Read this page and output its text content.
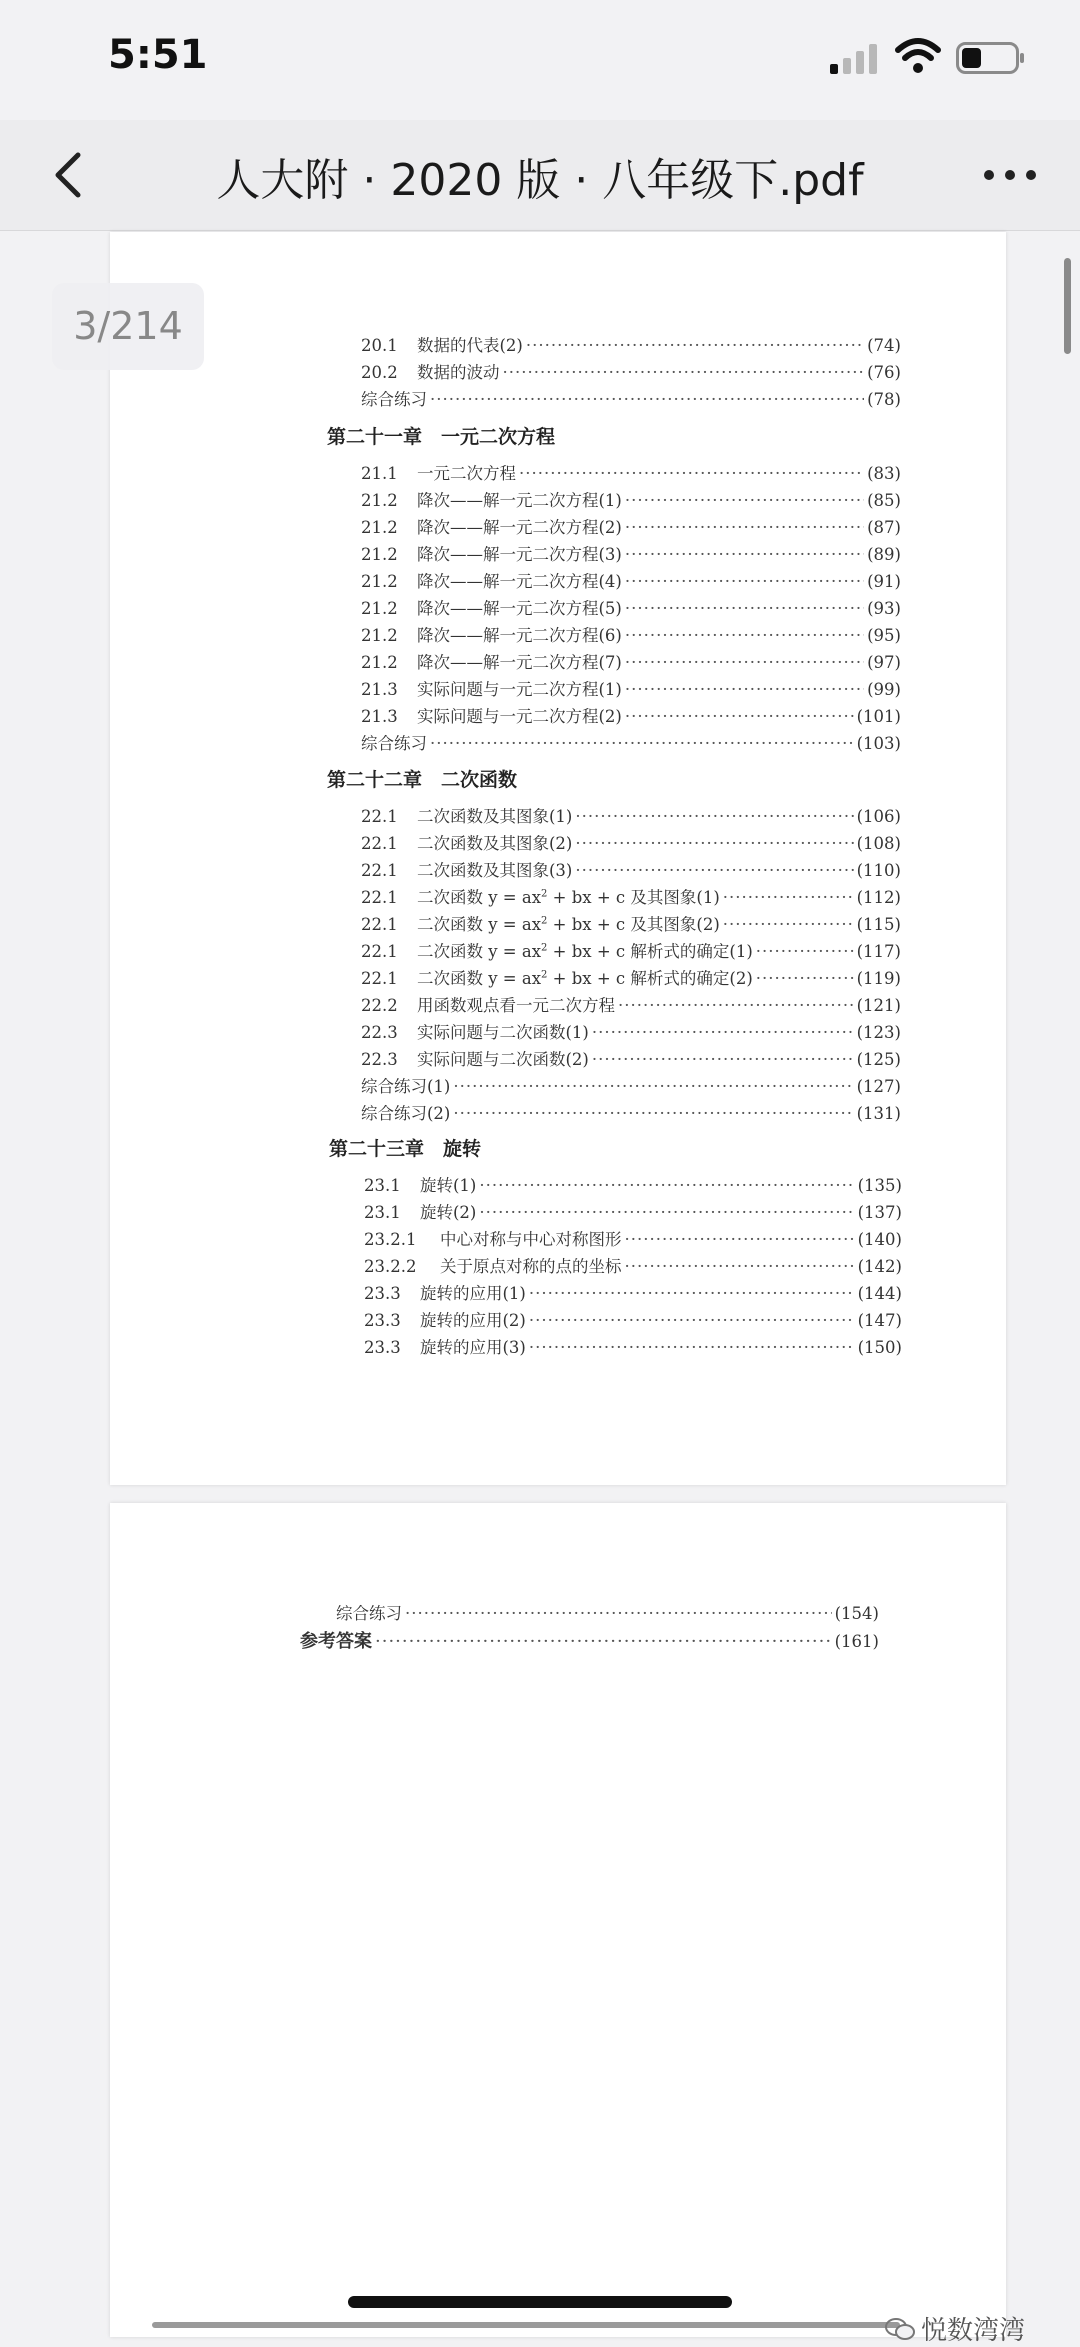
5:51
人大附 · 2020 版 · 八年级下.pdf
20.1	数据的代表(2) ·····	(74)
20.2	数据的波动 ·····	(76)
综合练习 ·····	(78)
第二十一章　一元二次方程
21.1	一元二次方程 ·····	(83)
21.2	降次——解一元二次方程(1) ·····	(85)
21.2	降次——解一元二次方程(2) ·····	(87)
21.2	降次——解一元二次方程(3) ·····	(89)
21.2	降次——解一元二次方程(4) ·····	(91)
21.2	降次——解一元二次方程(5) ·····	(93)
21.2	降次——解一元二次方程(6) ·····	(95)
21.2	降次——解一元二次方程(7) ·····	(97)
21.3	实际问题与一元二次方程(1) ·····	(99)
21.3	实际问题与一元二次方程(2) ·····	(101)
综合练习 ·····	(103)
第二十二章　二次函数
22.1	二次函数及其图象(1) ·····	(106)
22.1	二次函数及其图象(2) ·····	(108)
22.1	二次函数及其图象(3) ·····	(110)
22.1	二次函数 $y = ax^2$ + bx + c 及其图象(1) ·····	(112)
22.1	二次函数 $y = ax^2$ + bx + c 及其图象(2) ·····	(115)
22.1	二次函数 $y = ax^2$ + bx + c 解析式的确定(1) ·····	(117)
22.1	二次函数 $y = ax^2$ + bx + c 解析式的确定(2) ·····	(119)
22.2	用函数观点看一元二次方程 ·····	(121)
22.3	实际问题与二次函数(1) ·····	(123)
22.3	实际问题与二次函数(2) ·····	(125)
综合练习(1) ·····	(127)
综合练习(2) ·····	(131)
第二十三章　旋转
23.1	旋转(1) ·····	(135)
23.1	旋转(2) ·····	(137)
23.2.1	中心对称与中心对称图形 ·····	(140)
23.2.2	关于原点对称的点的坐标 ·····	(142)
23.3	旋转的应用(1) ·····	(144)
23.3	旋转的应用(2) ·····	(147)
23.3	旋转的应用(3) ·····	(150)
综合练习 ·····	(154)
参考答案 ·····	(161)
3/214
悦数湾湾
